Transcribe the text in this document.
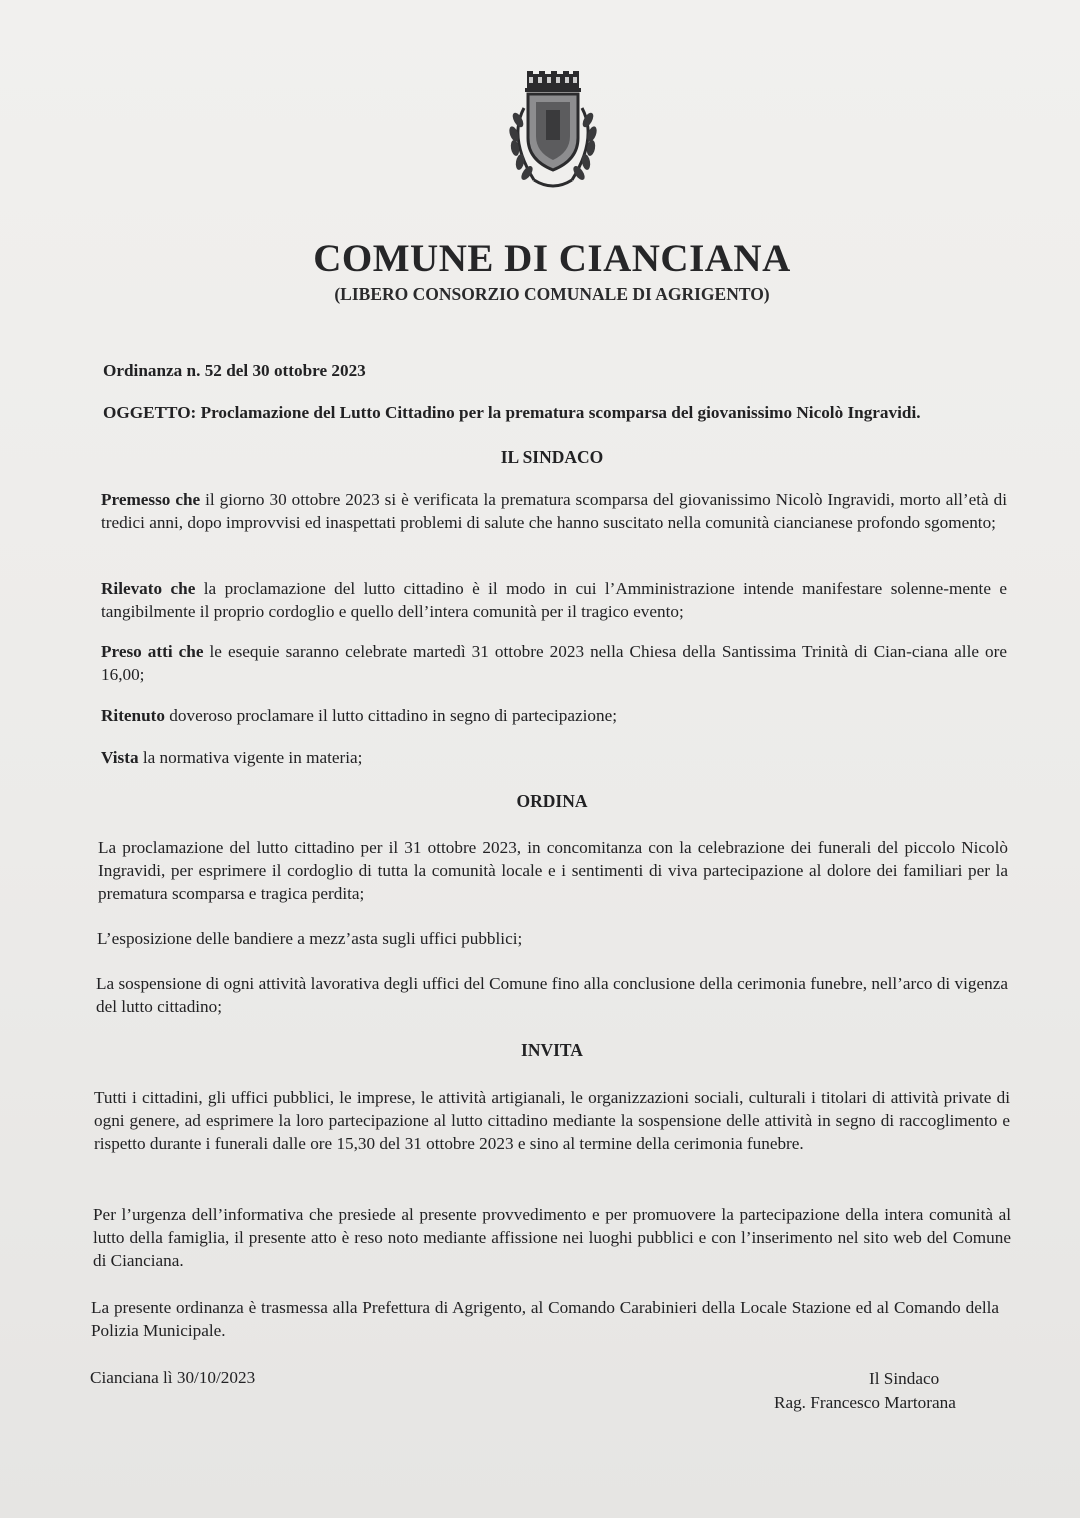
COMUNE DI CIANCIANA
(LIBERO CONSORZIO COMUNALE DI AGRIGENTO)
Ordinanza n. 52 del 30 ottobre 2023
OGGETTO: Proclamazione del Lutto Cittadino per la prematura scomparsa del giovanissimo Nicolò Ingravidi.
IL SINDACO
Premesso che il giorno 30 ottobre 2023 si è verificata la prematura scomparsa del giovanissimo Nicolò Ingravidi, morto all’età di tredici anni, dopo improvvisi ed inaspettati problemi di salute che hanno suscitato nella comunità ciancianese profondo sgomento;
Rilevato che la proclamazione del lutto cittadino è il modo in cui l’Amministrazione intende manifestare solenne-mente e tangibilmente il proprio cordoglio e quello dell’intera comunità per il tragico evento;
Preso atti che le esequie saranno celebrate martedì 31 ottobre 2023 nella Chiesa della Santissima Trinità di Cian-ciana alle ore 16,00;
Ritenuto doveroso proclamare il lutto cittadino in segno di partecipazione;
Vista la normativa vigente in materia;
ORDINA
La proclamazione del lutto cittadino per il 31 ottobre 2023, in concomitanza con la celebrazione dei funerali del piccolo Nicolò Ingravidi, per esprimere il cordoglio di tutta la comunità locale e i sentimenti di viva partecipazione al dolore dei familiari per la prematura scomparsa e tragica perdita;
L’esposizione delle bandiere a mezz’asta sugli uffici pubblici;
La sospensione di ogni attività lavorativa degli uffici del Comune fino alla conclusione della cerimonia funebre, nell’arco di vigenza del lutto cittadino;
INVITA
Tutti i cittadini, gli uffici pubblici, le imprese, le attività artigianali, le organizzazioni sociali, culturali i titolari di attività private di ogni genere, ad esprimere la loro partecipazione al lutto cittadino mediante la sospensione delle attività in segno di raccoglimento e rispetto durante i funerali dalle ore 15,30 del 31 ottobre 2023 e sino al termine della cerimonia funebre.
Per l’urgenza dell’informativa che presiede al presente provvedimento e per promuovere la partecipazione della intera comunità al lutto della famiglia, il presente atto è reso noto mediante affissione nei luoghi pubblici e con l’inserimento nel sito web del Comune di Cianciana.
La presente ordinanza è trasmessa alla Prefettura di Agrigento, al Comando Carabinieri della Locale Stazione ed al Comando della Polizia Municipale.
Cianciana lì 30/10/2023	Il Sindaco
Rag. Francesco Martorana
